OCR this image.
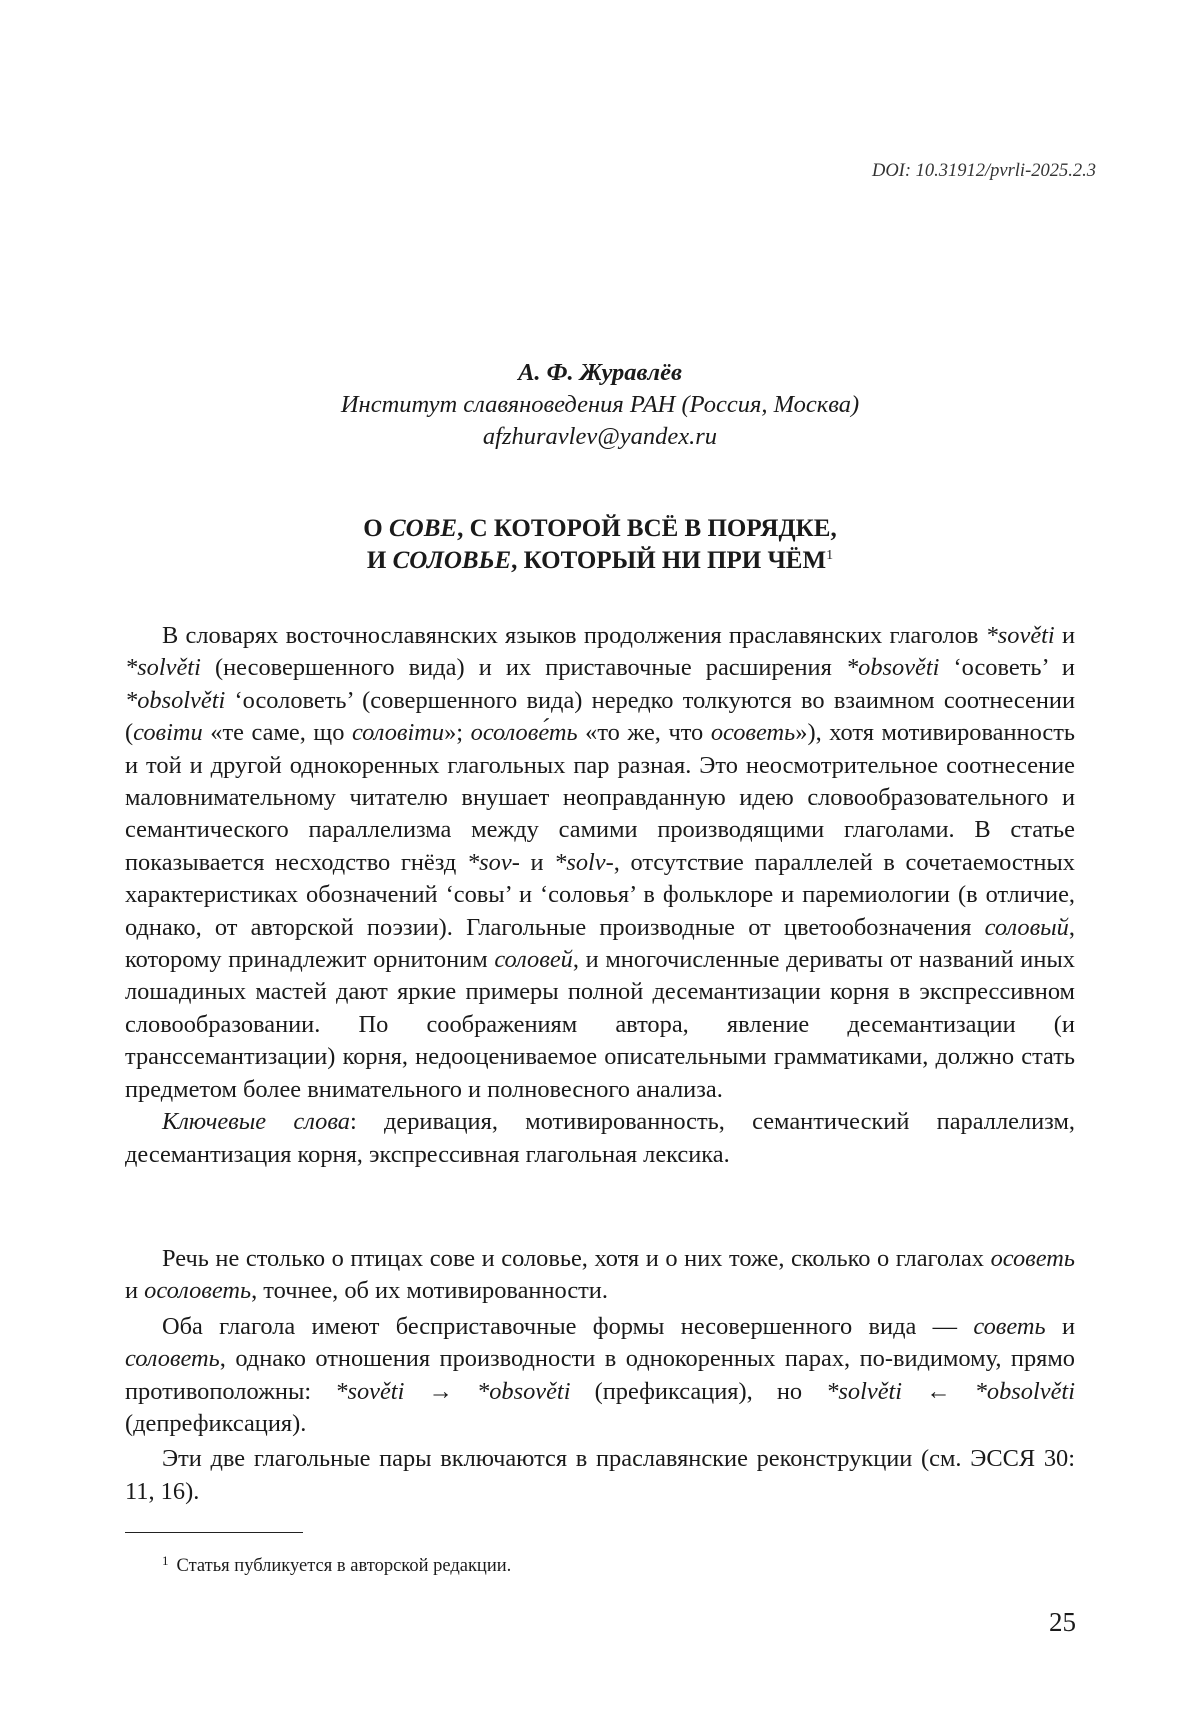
DOI: 10.31912/pvrli-2025.2.3
А. Ф. Журавлёв
Институт славяноведения РАН (Россия, Москва)
afzhuravlev@yandex.ru
О СОВЕ, С КОТОРОЙ ВСЁ В ПОРЯДКЕ,
И СОЛОВЬЕ, КОТОРЫЙ НИ ПРИ ЧЁМ$^1$

В словарях восточнославянских языков продолжения праславянских глаголов *sověti и *solvěti (несовершенного вида) и их приставочные расширения *obsověti ‘осоветь’ и *obsolvěti ‘осоловеть’ (совершенного вида) нередко толкуются во взаимном соотнесении (совiти «те саме, що соловiти»; осолове́ть «то же, что осоветь»), хотя мотивированность и той и другой однокоренных глагольных пар разная. Это неосмотрительное соотнесение маловнимательному читателю внушает неоправданную идею словообразовательного и семантического параллелизма между самими производящими глаголами. В статье показывается несходство гнёзд *sov- и *solv-, отсутствие параллелей в сочетаемостных характеристиках обозначений ‘совы’ и ‘соловья’ в фольклоре и паремиологии (в отличие, однако, от авторской поэзии). Глагольные производные от цветообозначения соловый, которому принадлежит орнитоним соловей, и многочисленные дериваты от названий иных лошадиных мастей дают яркие примеры полной десемантизации корня в экспрессивном словообразовании. По соображениям автора, явление десемантизации (и транссемантизации) корня, недооцениваемое описательными грамматиками, должно стать предметом более внимательного и полновесного анализа.

Ключевые слова: деривация, мотивированность, семантический параллелизм, десемантизация корня, экспрессивная глагольная лексика.

Речь не столько о птицах сове и соловье, хотя и о них тоже, сколько о глаголах осоветь и осоловеть, точнее, об их мотивированности.

Оба глагола имеют бесприставочные формы несовершенного вида — советь и соловеть, однако отношения производности в однокоренных парах, по-видимому, прямо противоположны: *sověti → *obsověti (префиксация), но *solvěti ← *obsolvěti (депрефиксация).

Эти две глагольные пары включаются в праславянские реконструкции (см. ЭССЯ 30: 11, 16).

$^1$ Статья публикуется в авторской редакции.
25
